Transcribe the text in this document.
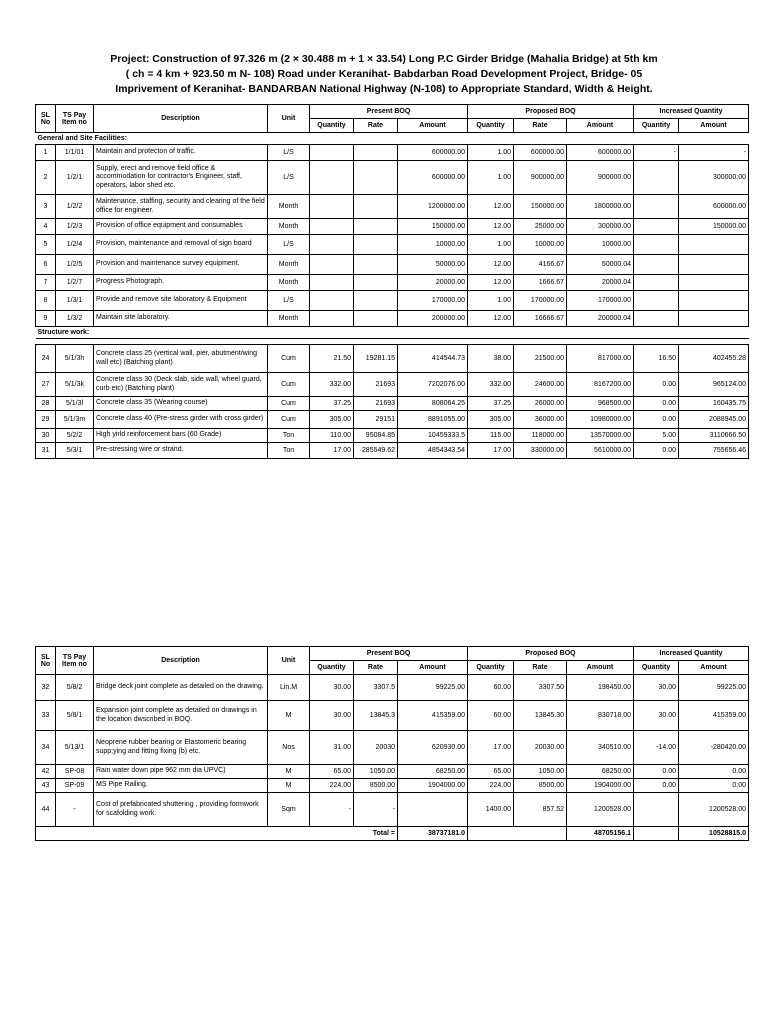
Project: Construction of 97.326 m (2 × 30.488 m + 1 × 33.54) Long P.C Girder Bridge (Mahalia Bridge) at 5th km
( ch = 4 km + 923.50 m N- 108) Road under Keranihat- Babdarban Road Development Project, Bridge- 05
Imprivement of Keranihat- BANDARBAN National Highway (N-108) to Appropriate Standard, Width & Height.
SL No	TS Pay Item no	Description	Unit	Present BOQ			Proposed BOQ			Increased Quantity	
				Quantity	Rate	Amount	Quantity	Rate	Amount	Quantity	Amount
General and Site Facilities:											
1	1/1/01	Maintain and protecton of traffic.	L/S			600000.00	1.00	600000.00	600000.00	-	-
2	1/2/1	Supply, erect and remove field office & accommodation for contractor's Engineer, staff, operators, labor shed etc.	L/S			600000.00	1.00	900000.00	900000.00		300000.00
3	1/2/2	Maintenance, staffing, security and clearing of the field office for engineer.	Month			1200000.00	12.00	150000.00	1800000.00		600000.00
4	1/2/3	Provision of office equipment and consumables	Month			150000.00	12.00	25000.00	300000.00		150000.00
5	1/2/4	Provision, maintenance and removal of sign board	L/S			10000.00	1.00	10000.00	10000.00		
6	1/2/5	Provision and maintenance survey equipment.	Month			50000.00	12.00	4166.67	50000.04		
7	1/2/7	Progress Photograph.	Month			20000.00	12.00	1666.67	20000.04		
8	1/3/1	Provide and remove site laboratory & Equipment	L/S			170000.00	1.00	170000.00	170000.00		
9	1/3/2	Maintain site laboratory.	Month			200000.00	12.00	16666.67	200000.04		
Structure work:											

24	5/1/3h	Concrete class 25 (vertical wall, pier, abutment/wing wall etc) (Batching plant)	Cum	21.50	19281.15	414544.73	38.00	21500.00	817000.00	16.50	402455.28
27	5/1/3k	Concrete class 30 (Deck slab, side wall, wheel guard, curb etc) (Batching plant)	Cum	332.00	21693	7202076.00	332.00	24600.00	8167200.00	0.00	965124.00
28	5/1/3l	Concrete class 35 (Wearing course)	Cum	37.25	21693	808064.25	37.25	26000.00	968500.00	0.00	160435.75
29	5/1/3m	Concrete class 40 (Pre-stress girder with cross girder)	Cum	305.00	29151	8891055.00	305.00	36000.00	10980000.00	0.00	2088945.00
30	5/2/2	High yirld reinforcement bars (60 Grade)	Ton	110.00	95084.85	10459333.5	115.00	118000.00	13570000.00	5.00	3110666.50
31	5/3/1	Pre-stressing wire or strand.	Ton	17.00	285549.62	4854343.54	17.00	330000.00	5610000.00	0.00	755656.46
SL No	TS Pay Item no	Description	Unit	Present BOQ			Proposed BOQ			Increased Quantity	
				Quantity	Rate	Amount	Quantity	Rate	Amount	Quantity	Amount
32	5/8/2	Bridge deck joint complete as detailed on the drawing.	Lin.M	30.00	3307.5	99225.00	60.00	3307.50	198450.00	30.00	99225.00
33	5/8/1	Expansion joint complete as detailed on drawings in the location dwscribed in BOQ.	M	30.00	13845.3	415359.00	60.00	13845.30	830718.00	30.00	415359.00
34	5/13/1	Neoprene rubber bearing or Elastomeric bearing supp;ying and fitting fixing (b) etc.	Nos	31.00	20030	620930.00	17.00	20030.00	340510.00	-14.00	-280420.00
42	SP-08	Rain water down pipe 962 mm dia UPVC)	M	65.00	1050.00	68250.00	65.00	1050.00	68250.00	0.00	0.00
43	SP-09	MS Pipe Railing.	M	224.00	8500.00	1904000.00	224.00	8500.00	1904000.00	0.00	0.00
44	-	Cost of prefabricated shuttering , providing formwork for scafolding work.	Sqm	-	-		1400.00	857.52	1200528.00		1200528.00
Total =						38737181.0			48705156.1		10528815.0
